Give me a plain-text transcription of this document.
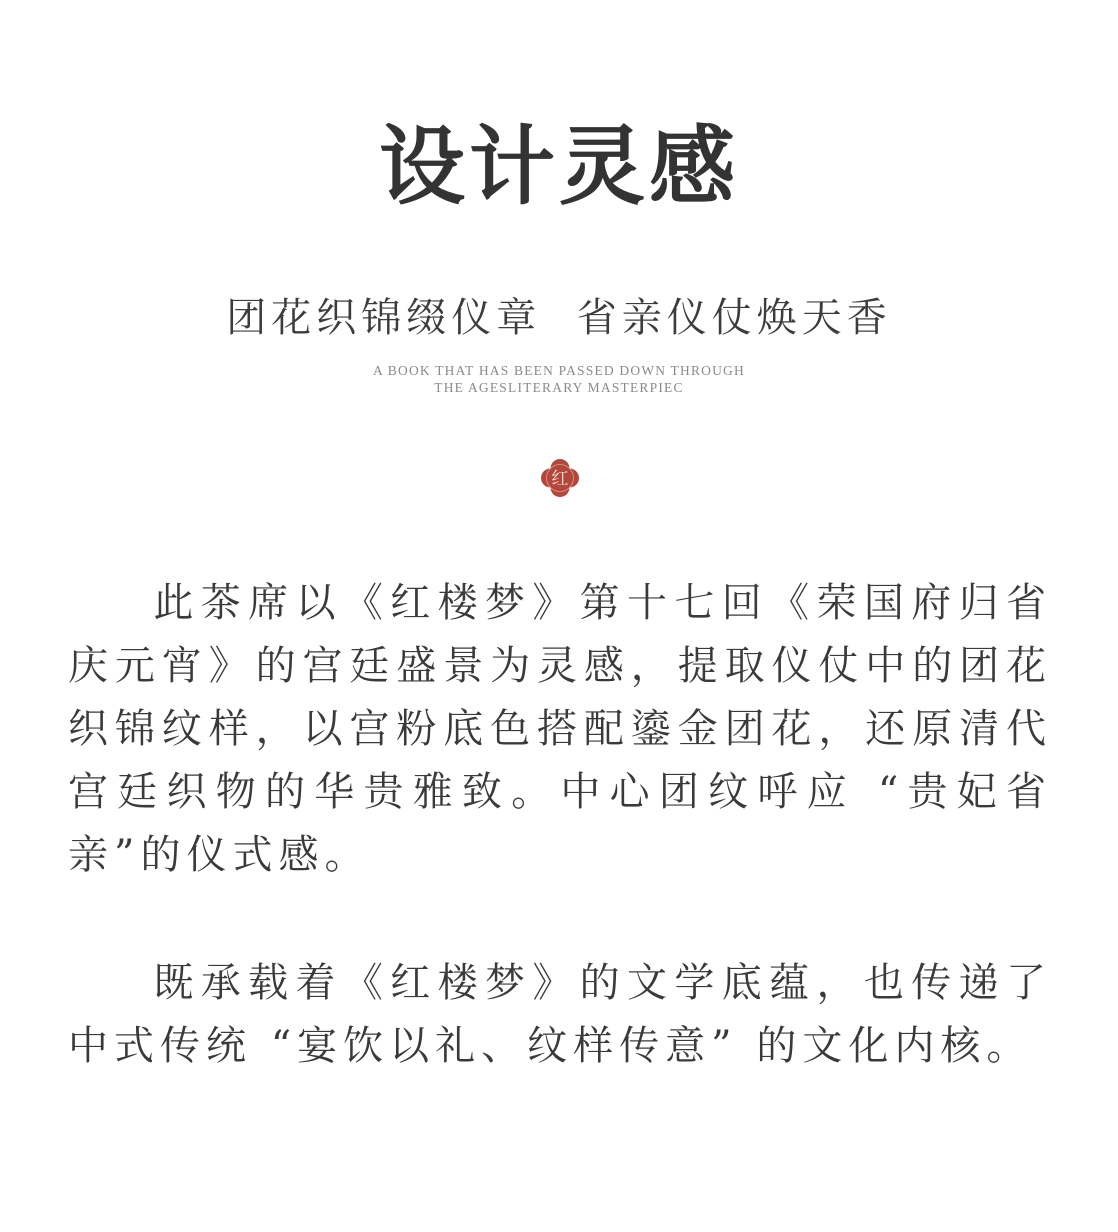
设计灵感
团花织锦缀仪章  省亲仪仗焕天香
A BOOK THAT HAS BEEN PASSED DOWN THROUGH
THE AGESLITERARY MASTERPIEC
红

此茶席以《红楼梦》第十七回《荣国府归省庆元宵》的宫廷盛景为灵感，提取仪仗中的团花织锦纹样，以宫粉底色搭配鎏金团花，还原清代宫廷织物的华贵雅致。中心团纹呼应 “贵妃省亲”的仪式感。

既承载着《红楼梦》的文学底蕴，也传递了中式传统 “宴饮以礼、纹样传意” 的文化内核。
